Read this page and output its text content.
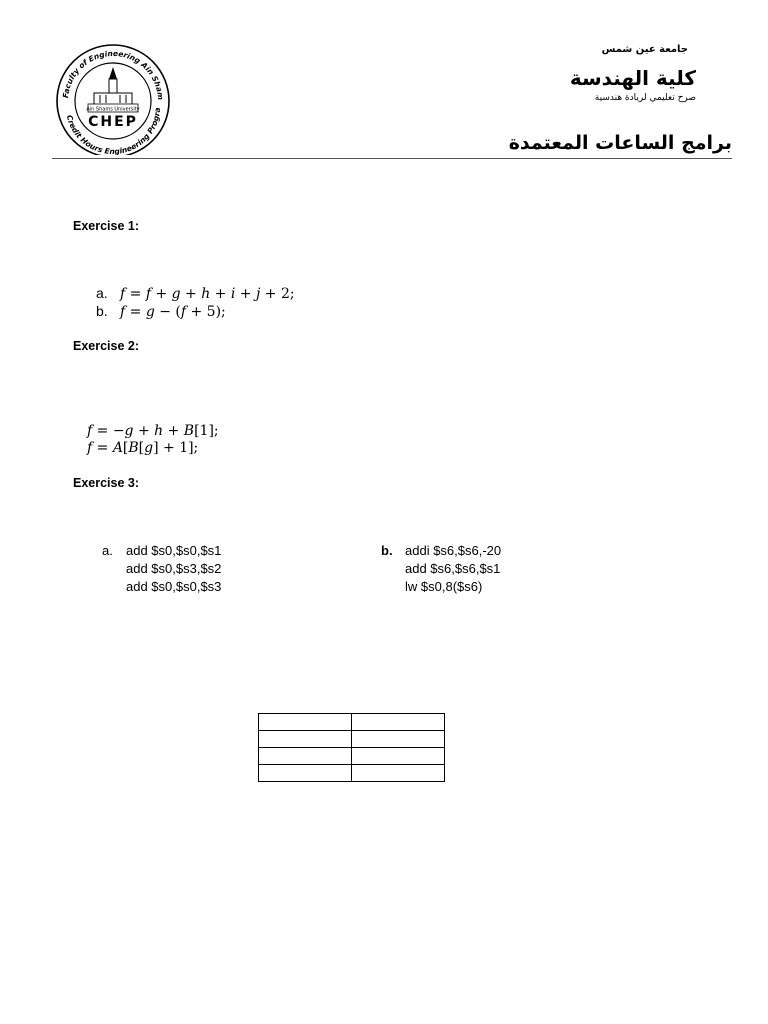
Faculty of Engineering Ain Sham
Credit Hours Engineering Progra
Ain Shams University
CHEP
جامعة عين شمس
كلية الهندسة
صرح تعليمي لريادة هندسية
برامج الساعات المعتمدة
Exercise 1:
a. 𝑓 = 𝑓 + 𝑔 + ℎ + 𝑖 + 𝑗 + 2;
b. 𝑓 = 𝑔 − (𝑓 + 5);
Exercise 2:
𝑓 = −𝑔 + ℎ + 𝐵[1];
𝑓 = 𝐴[𝐵[𝑔] + 1];
Exercise 3:
a. add $s0,$s0,$s1
add $s0,$s3,$s2
add $s0,$s0,$s3
b. addi $s6,$s6,-20
add $s6,$s6,$s1
lw $s0,8($s6)
